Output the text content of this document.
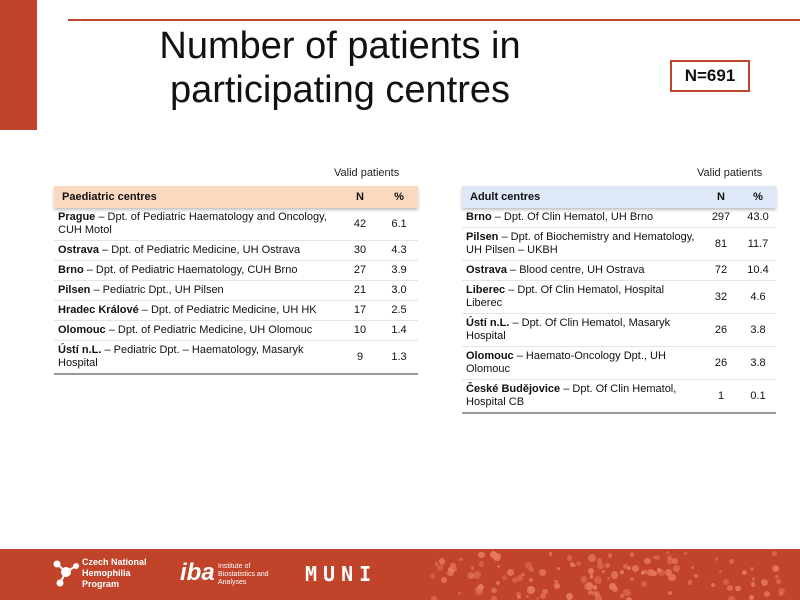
Number of patients in participating centres	N=691
Valid patients
Paediatric centres	N	%
Prague – Dpt. of Pediatric Haematology and Oncology, CUH Motol	42	6.1
Ostrava – Dpt. of Pediatric Medicine, UH Ostrava	30	4.3
Brno – Dpt. of Pediatric Haematology, CUH Brno	27	3.9
Pilsen – Pediatric Dpt., UH Pilsen	21	3.0
Hradec Králové – Dpt. of Pediatric Medicine, UH HK	17	2.5
Olomouc – Dpt. of Pediatric Medicine, UH Olomouc	10	1.4
Ústí n.L. – Pediatric Dpt. – Haematology, Masaryk Hospital	9	1.3
Valid patients
Adult centres	N	%
Brno – Dpt. Of Clin Hematol, UH Brno	297	43.0
Pilsen – Dpt. of Biochemistry and Hematology, UH Pilsen – UKBH	81	11.7
Ostrava – Blood centre, UH Ostrava	72	10.4
Liberec – Dpt. Of Clin Hematol, Hospital Liberec	32	4.6
Ústí n.L. – Dpt. Of Clin Hematol, Masaryk Hospital	26	3.8
Olomouc – Haemato-Oncology Dpt., UH Olomouc	26	3.8
České Budějovice – Dpt. Of Clin Hematol, Hospital CB	1	0.1
Czech National Hemophilia Program	iba Institute of Biostatistics and Analyses	MUNI
